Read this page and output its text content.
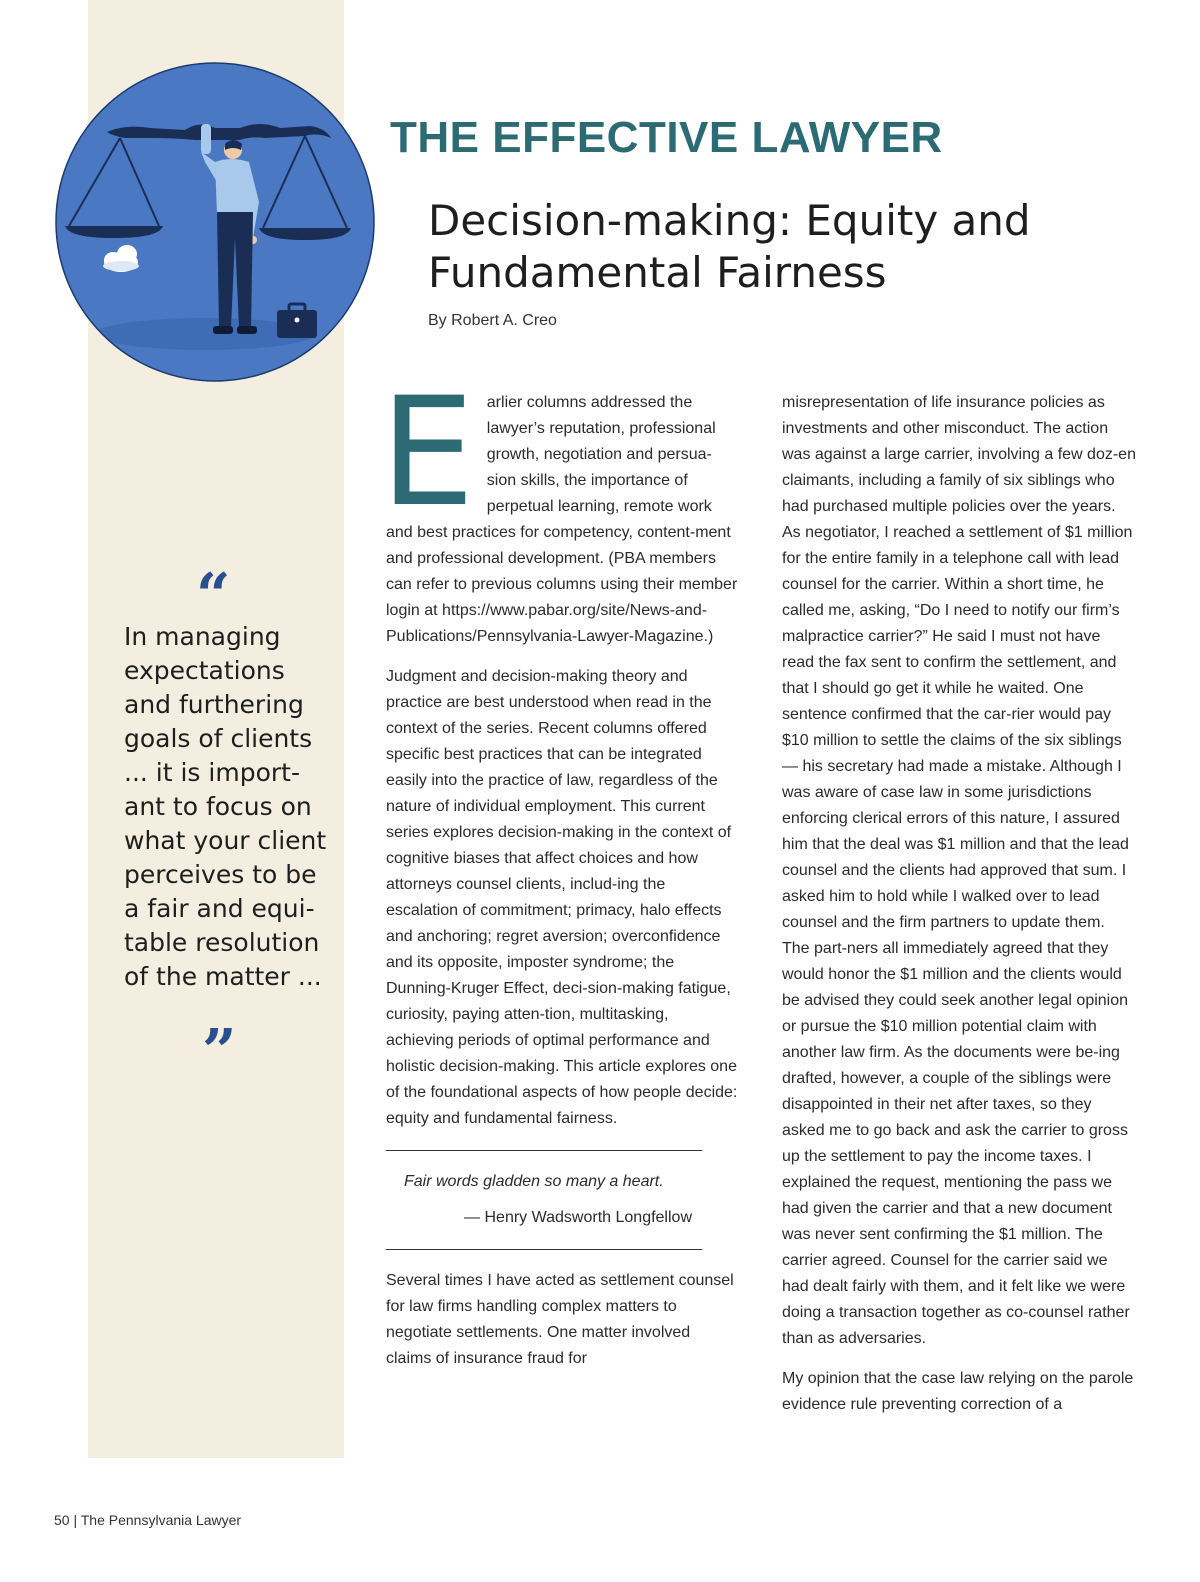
THE EFFECTIVE LAWYER
Decision-making: Equity and
Fundamental Fairness
By Robert A. Creo
“

In managing expectations and furthering goals of clients ... it is import-ant to focus on what your client perceives to be a fair and equi-table resolution of the matter ...

”

Earlier columns addressed the lawyer’s reputation, professional growth, negotiation and persua-sion skills, the importance of perpetual learning, remote work and best practices for competency, content-ment and professional development. (PBA members can refer to previous columns using their member login at https://www.pabar.org/site/News-and-Publications/Pennsylvania-Lawyer-Magazine.)

Judgment and decision-making theory and practice are best understood when read in the context of the series. Recent columns offered specific best practices that can be integrated easily into the practice of law, regardless of the nature of individual employment. This current series explores decision-making in the context of cognitive biases that affect choices and how attorneys counsel clients, includ-ing the escalation of commitment; primacy, halo effects and anchoring; regret aversion; overconfidence and its opposite, imposter syndrome; the Dunning-Kruger Effect, deci-sion-making fatigue, curiosity, paying atten-tion, multitasking, achieving periods of optimal performance and holistic decision-making. This article explores one of the foundational aspects of how people decide: equity and fundamental fairness.

Fair words gladden so many a heart.

— Henry Wadsworth Longfellow

Several times I have acted as settlement counsel for law firms handling complex matters to negotiate settlements. One matter involved claims of insurance fraud for

misrepresentation of life insurance policies as investments and other misconduct. The action was against a large carrier, involving a few doz-en claimants, including a family of six siblings who had purchased multiple policies over the years. As negotiator, I reached a settlement of $1 million for the entire family in a telephone call with lead counsel for the carrier. Within a short time, he called me, asking, “Do I need to notify our firm’s malpractice carrier?” He said I must not have read the fax sent to confirm the settlement, and that I should go get it while he waited. One sentence confirmed that the car-rier would pay $10 million to settle the claims of the six siblings — his secretary had made a mistake. Although I was aware of case law in some jurisdictions enforcing clerical errors of this nature, I assured him that the deal was $1 million and that the lead counsel and the clients had approved that sum. I asked him to hold while I walked over to lead counsel and the firm partners to update them. The part-ners all immediately agreed that they would honor the $1 million and the clients would be advised they could seek another legal opinion or pursue the $10 million potential claim with another law firm. As the documents were be-ing drafted, however, a couple of the siblings were disappointed in their net after taxes, so they asked me to go back and ask the carrier to gross up the settlement to pay the income taxes. I explained the request, mentioning the pass we had given the carrier and that a new document was never sent confirming the $1 million. The carrier agreed. Counsel for the carrier said we had dealt fairly with them, and it felt like we were doing a transaction together as co-counsel rather than as adversaries.

My opinion that the case law relying on the parole evidence rule preventing correction of a

50 | The Pennsylvania Lawyer
